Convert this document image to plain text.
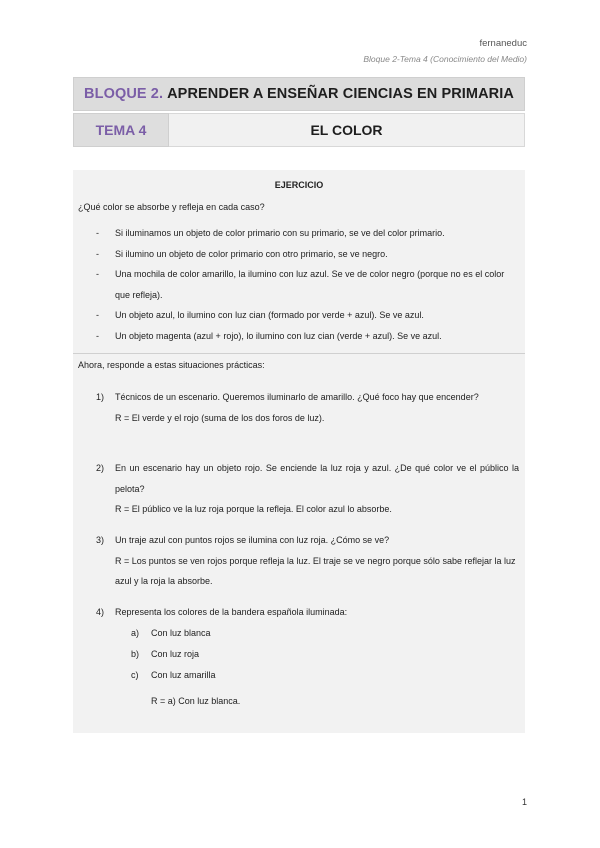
fernaneduc
Bloque 2-Tema 4 (Conocimiento del Medio)
BLOQUE 2. APRENDER A ENSEÑAR CIENCIAS EN PRIMARIA
TEMA 4	EL COLOR
EJERCICIO
¿Qué color se absorbe y refleja en cada caso?
- Si iluminamos un objeto de color primario con su primario, se ve del color primario.
- Si ilumino un objeto de color primario con otro primario, se ve negro.
- Una mochila de color amarillo, la ilumino con luz azul. Se ve de color negro (porque no es el color que refleja).
- Un objeto azul, lo ilumino con luz cian (formado por verde + azul). Se ve azul.
- Un objeto magenta (azul + rojo), lo ilumino con luz cian (verde + azul). Se ve azul.
Ahora, responde a estas situaciones prácticas:
1)	Técnicos de un escenario. Queremos iluminarlo de amarillo. ¿Qué foco hay que encender?
R = El verde y el rojo (suma de los dos foros de luz).
2)	En un escenario hay un objeto rojo. Se enciende la luz roja y azul. ¿De qué color ve el público la pelota?
R = El público ve la luz roja porque la refleja. El color azul lo absorbe.
3)	Un traje azul con puntos rojos se ilumina con luz roja. ¿Cómo se ve?
R = Los puntos se ven rojos porque refleja la luz. El traje se ve negro porque sólo sabe reflejar la luz azul y la roja la absorbe.
4)	Representa los colores de la bandera española iluminada:
a) Con luz blanca
b) Con luz roja
c) Con luz amarilla
R = a) Con luz blanca.
1
